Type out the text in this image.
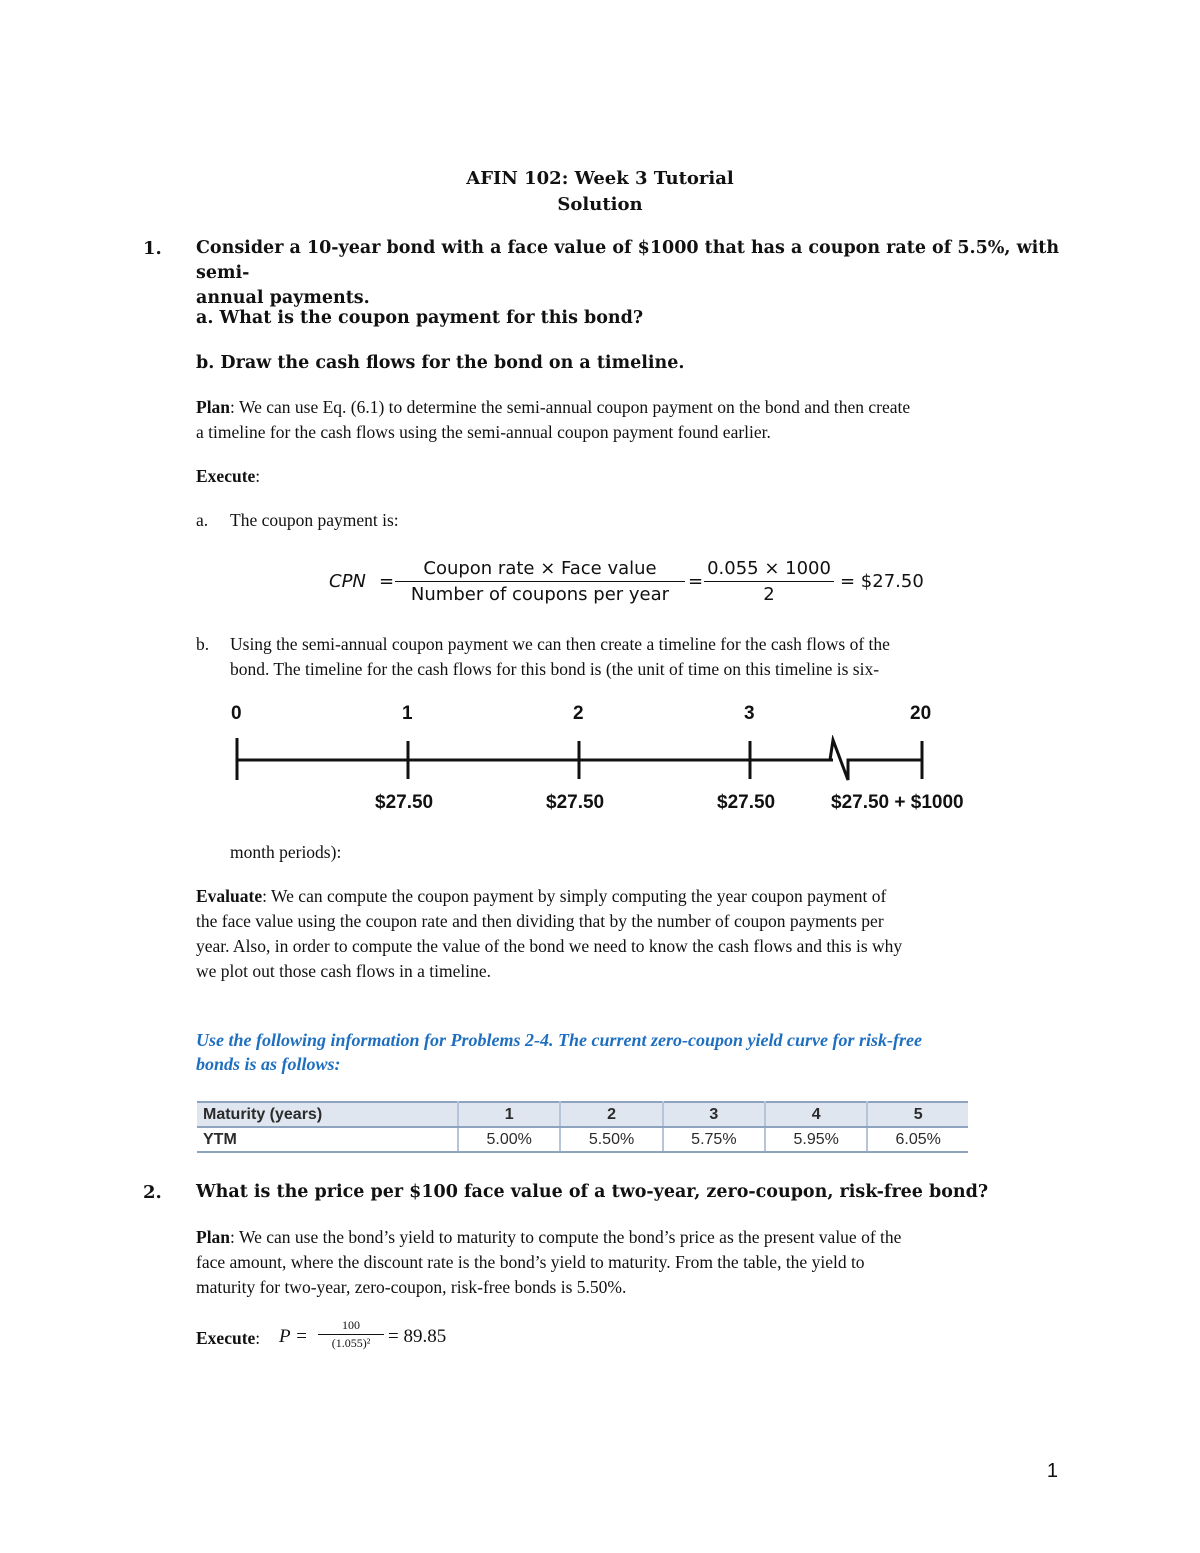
AFIN 102: Week 3 Tutorial
Solution
1. Consider a 10-year bond with a face value of $1000 that has a coupon rate of 5.5%, with semi-
annual payments.
a. What is the coupon payment for this bond?
b. Draw the cash flows for the bond on a timeline.
Plan: We can use Eq. (6.1) to determine the semi-annual coupon payment on the bond and then create
a timeline for the cash flows using the semi-annual coupon payment found earlier.
Execute:
a. The coupon payment is:
CPN =
Coupon rate × Face value
Number of coupons per year
=
0.055 × 1000
2
= $27.50
b. Using the semi-annual coupon payment we can then create a timeline for the cash flows of the
bond. The timeline for the cash flows for this bond is (the unit of time on this timeline is six-
0	1	2	3	20
$27.50	$27.50	$27.50	$27.50 + $1000
month periods):
Evaluate: We can compute the coupon payment by simply computing the year coupon payment of
the face value using the coupon rate and then dividing that by the number of coupon payments per
year. Also, in order to compute the value of the bond we need to know the cash flows and this is why
we plot out those cash flows in a timeline.
Use the following information for Problems 2-4. The current zero-coupon yield curve for risk-free
bonds is as follows:
Maturity (years)	1	2	3	4	5
YTM	5.00%	5.50%	5.75%	5.95%	6.05%
2. What is the price per $100 face value of a two-year, zero-coupon, risk-free bond?
Plan: We can use the bond’s yield to maturity to compute the bond’s price as the present value of the
face amount, where the discount rate is the bond’s yield to maturity. From the table, the yield to
maturity for two-year, zero-coupon, risk-free bonds is 5.50%.
Execute: P =
100
(1.055)² = 89.85
1
